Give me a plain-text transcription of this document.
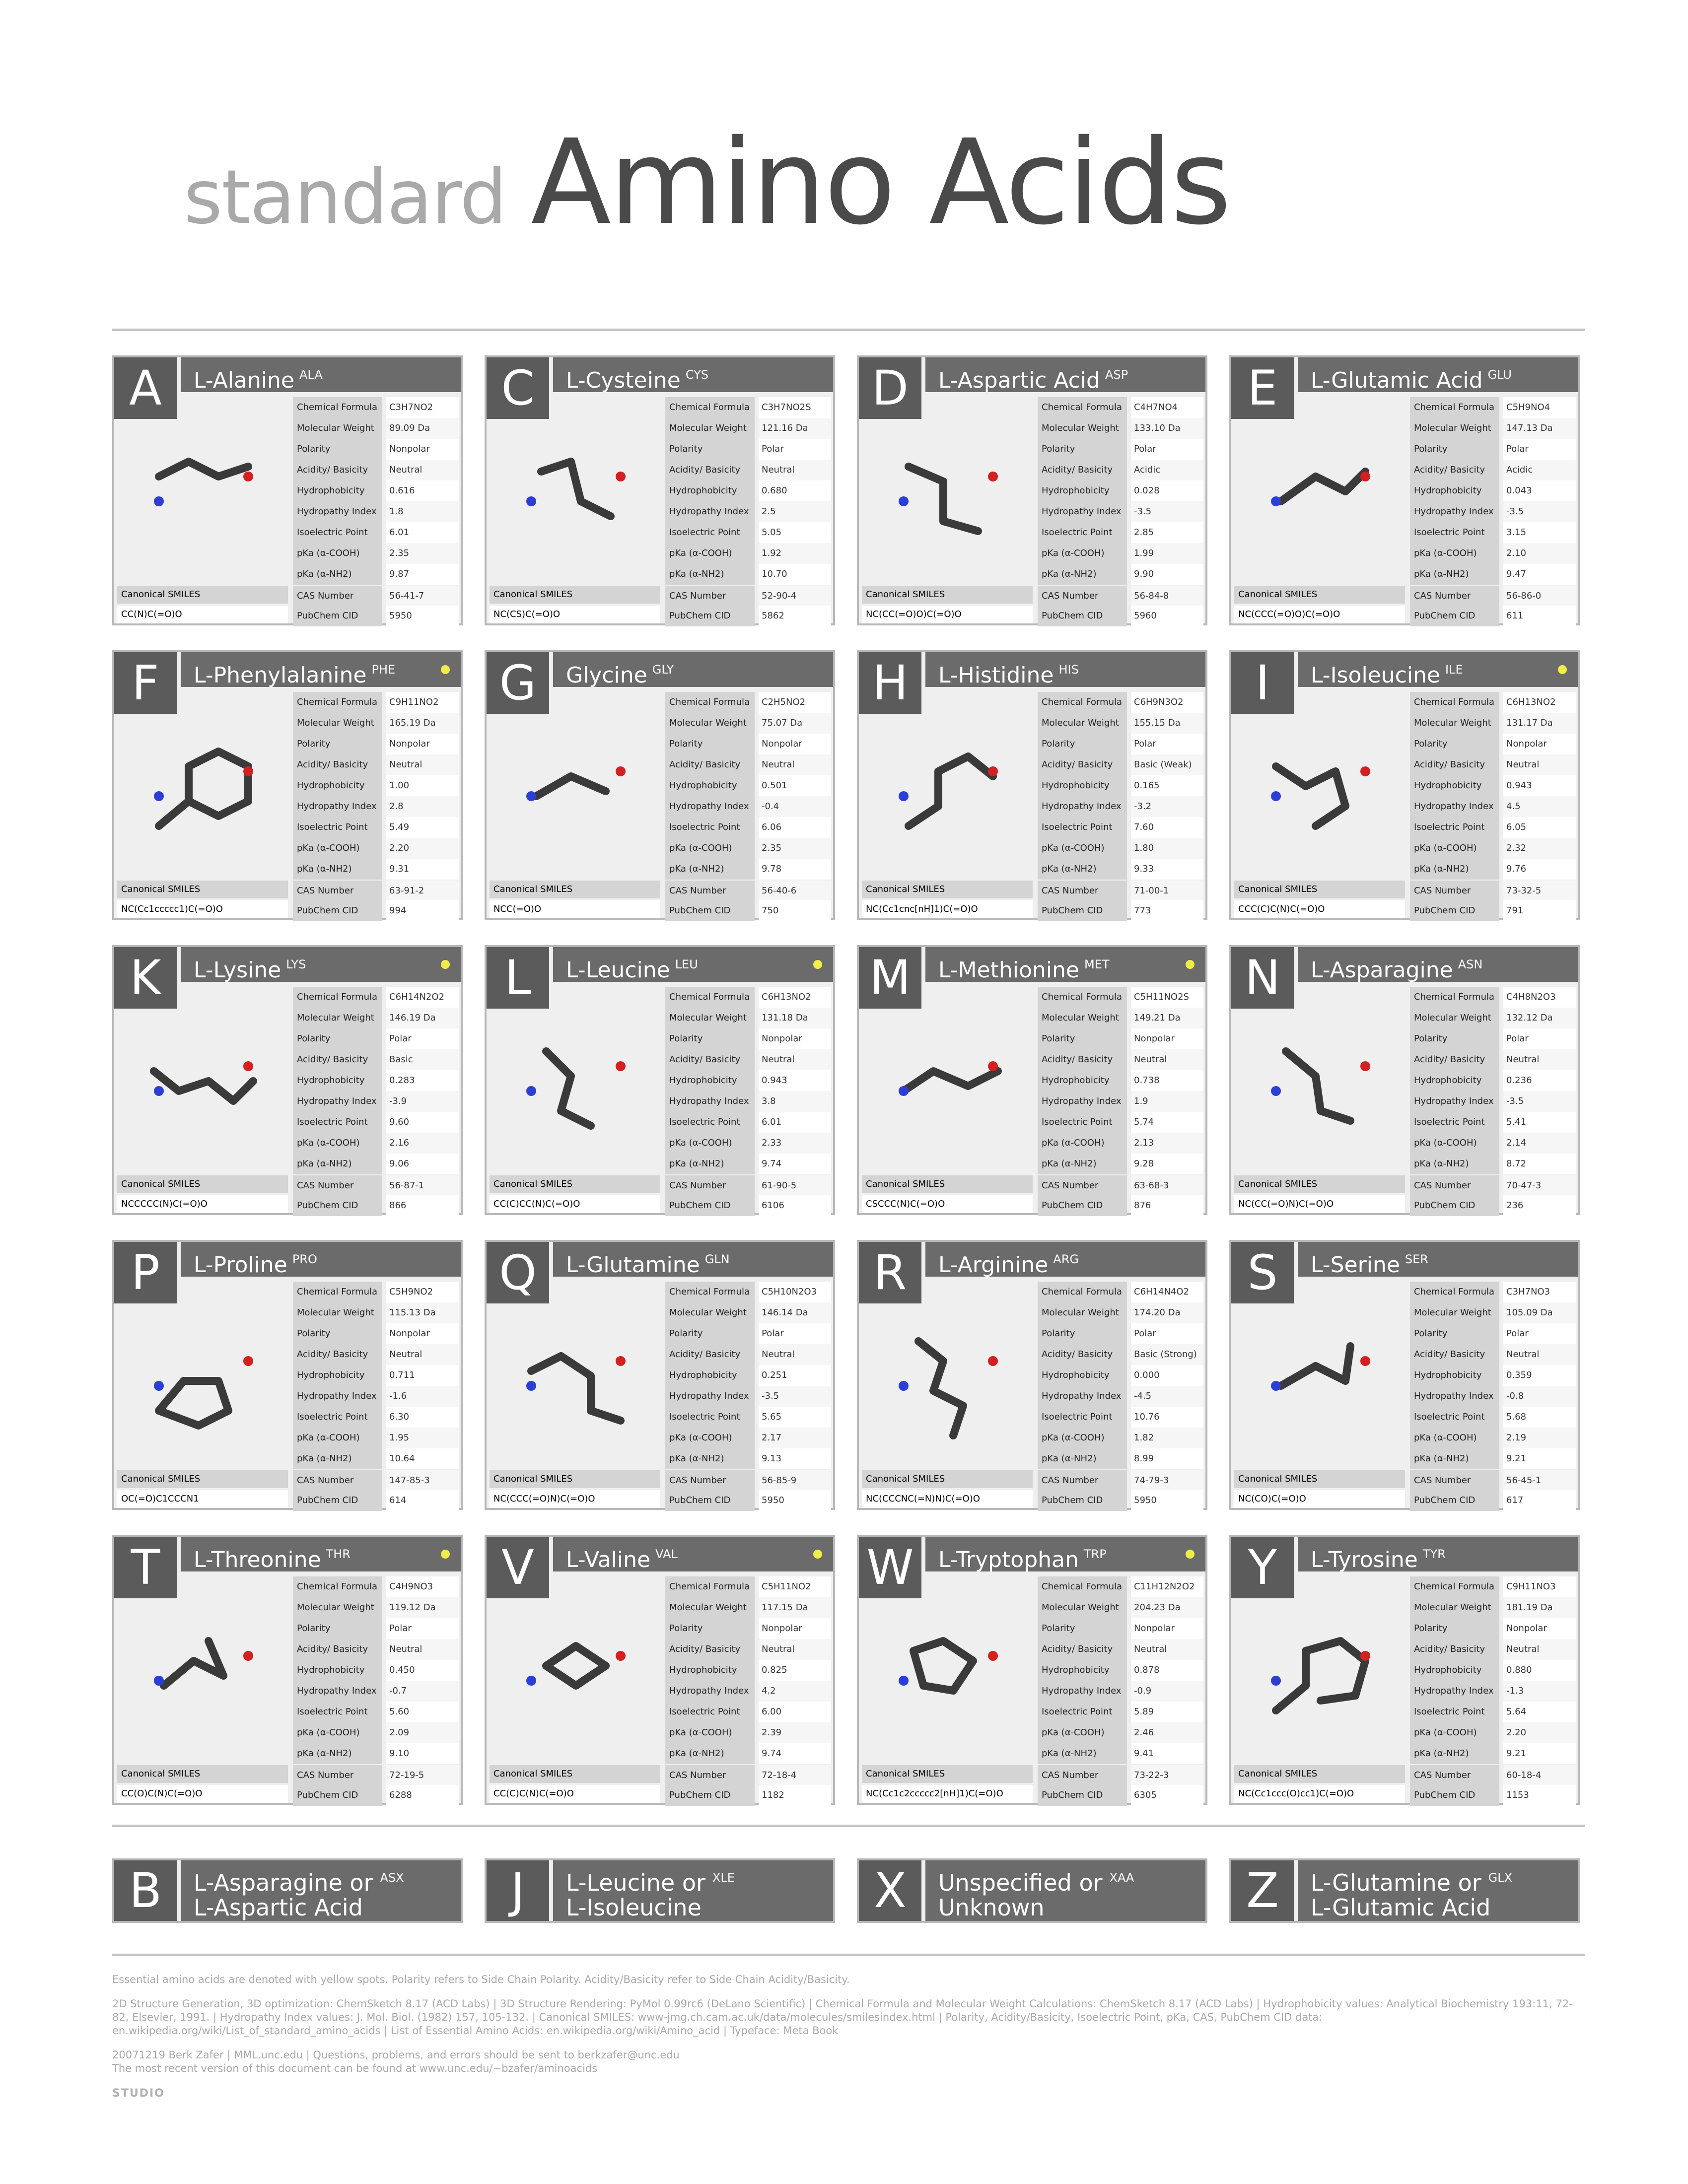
standard Amino Acids
A	L-Alanine $^{ALA}$
Chemical Formula	C3H7NO2
Molecular Weight	89.09 Da
Polarity	Nonpolar
Acidity/ Basicity	Neutral
Hydrophobicity	0.616
Hydropathy Index	1.8
Isoelectric Point	6.01
pKa (α-COOH)	2.35
pKa (α-NH2)	9.87
CAS Number	56-41-7
PubChem CID	5950
Canonical SMILES
CC(N)C(=O)O
C	L-Cysteine $^{CYS}$
Chemical Formula	C3H7NO2S
Molecular Weight	121.16 Da
Polarity	Polar
Acidity/ Basicity	Neutral
Hydrophobicity	0.680
Hydropathy Index	2.5
Isoelectric Point	5.05
pKa (α-COOH)	1.92
pKa (α-NH2)	10.70
CAS Number	52-90-4
PubChem CID	5862
Canonical SMILES
NC(CS)C(=O)O
D	L-Aspartic Acid $^{ASP}$
Chemical Formula	C4H7NO4
Molecular Weight	133.10 Da
Polarity	Polar
Acidity/ Basicity	Acidic
Hydrophobicity	0.028
Hydropathy Index	-3.5
Isoelectric Point	2.85
pKa (α-COOH)	1.99
pKa (α-NH2)	9.90
CAS Number	56-84-8
PubChem CID	5960
Canonical SMILES
NC(CC(=O)O)C(=O)O
E	L-Glutamic Acid $^{GLU}$
Chemical Formula	C5H9NO4
Molecular Weight	147.13 Da
Polarity	Polar
Acidity/ Basicity	Acidic
Hydrophobicity	0.043
Hydropathy Index	-3.5
Isoelectric Point	3.15
pKa (α-COOH)	2.10
pKa (α-NH2)	9.47
CAS Number	56-86-0
PubChem CID	611
Canonical SMILES
NC(CCC(=O)O)C(=O)O
F	L-Phenylalanine $^{PHE}$
Chemical Formula	C9H11NO2
Molecular Weight	165.19 Da
Polarity	Nonpolar
Acidity/ Basicity	Neutral
Hydrophobicity	1.00
Hydropathy Index	2.8
Isoelectric Point	5.49
pKa (α-COOH)	2.20
pKa (α-NH2)	9.31
CAS Number	63-91-2
PubChem CID	994
Canonical SMILES
NC(Cc1ccccc1)C(=O)O
G	Glycine $^{GLY}$
Chemical Formula	C2H5NO2
Molecular Weight	75.07 Da
Polarity	Nonpolar
Acidity/ Basicity	Neutral
Hydrophobicity	0.501
Hydropathy Index	-0.4
Isoelectric Point	6.06
pKa (α-COOH)	2.35
pKa (α-NH2)	9.78
CAS Number	56-40-6
PubChem CID	750
Canonical SMILES
NCC(=O)O
H	L-Histidine $^{HIS}$
Chemical Formula	C6H9N3O2
Molecular Weight	155.15 Da
Polarity	Polar
Acidity/ Basicity	Basic (Weak)
Hydrophobicity	0.165
Hydropathy Index	-3.2
Isoelectric Point	7.60
pKa (α-COOH)	1.80
pKa (α-NH2)	9.33
CAS Number	71-00-1
PubChem CID	773
Canonical SMILES
NC(Cc1cnc[nH]1)C(=O)O
I	L-Isoleucine $^{ILE}$
Chemical Formula	C6H13NO2
Molecular Weight	131.17 Da
Polarity	Nonpolar
Acidity/ Basicity	Neutral
Hydrophobicity	0.943
Hydropathy Index	4.5
Isoelectric Point	6.05
pKa (α-COOH)	2.32
pKa (α-NH2)	9.76
CAS Number	73-32-5
PubChem CID	791
Canonical SMILES
CCC(C)C(N)C(=O)O
K	L-Lysine $^{LYS}$
Chemical Formula	C6H14N2O2
Molecular Weight	146.19 Da
Polarity	Polar
Acidity/ Basicity	Basic
Hydrophobicity	0.283
Hydropathy Index	-3.9
Isoelectric Point	9.60
pKa (α-COOH)	2.16
pKa (α-NH2)	9.06
CAS Number	56-87-1
PubChem CID	866
Canonical SMILES
NCCCCC(N)C(=O)O
L	L-Leucine $^{LEU}$
Chemical Formula	C6H13NO2
Molecular Weight	131.18 Da
Polarity	Nonpolar
Acidity/ Basicity	Neutral
Hydrophobicity	0.943
Hydropathy Index	3.8
Isoelectric Point	6.01
pKa (α-COOH)	2.33
pKa (α-NH2)	9.74
CAS Number	61-90-5
PubChem CID	6106
Canonical SMILES
CC(C)CC(N)C(=O)O
M	L-Methionine $^{MET}$
Chemical Formula	C5H11NO2S
Molecular Weight	149.21 Da
Polarity	Nonpolar
Acidity/ Basicity	Neutral
Hydrophobicity	0.738
Hydropathy Index	1.9
Isoelectric Point	5.74
pKa (α-COOH)	2.13
pKa (α-NH2)	9.28
CAS Number	63-68-3
PubChem CID	876
Canonical SMILES
CSCCC(N)C(=O)O
N	L-Asparagine $^{ASN}$
Chemical Formula	C4H8N2O3
Molecular Weight	132.12 Da
Polarity	Polar
Acidity/ Basicity	Neutral
Hydrophobicity	0.236
Hydropathy Index	-3.5
Isoelectric Point	5.41
pKa (α-COOH)	2.14
pKa (α-NH2)	8.72
CAS Number	70-47-3
PubChem CID	236
Canonical SMILES
NC(CC(=O)N)C(=O)O
P	L-Proline $^{PRO}$
Chemical Formula	C5H9NO2
Molecular Weight	115.13 Da
Polarity	Nonpolar
Acidity/ Basicity	Neutral
Hydrophobicity	0.711
Hydropathy Index	-1.6
Isoelectric Point	6.30
pKa (α-COOH)	1.95
pKa (α-NH2)	10.64
CAS Number	147-85-3
PubChem CID	614
Canonical SMILES
OC(=O)C1CCCN1
Q	L-Glutamine $^{GLN}$
Chemical Formula	C5H10N2O3
Molecular Weight	146.14 Da
Polarity	Polar
Acidity/ Basicity	Neutral
Hydrophobicity	0.251
Hydropathy Index	-3.5
Isoelectric Point	5.65
pKa (α-COOH)	2.17
pKa (α-NH2)	9.13
CAS Number	56-85-9
PubChem CID	5950
Canonical SMILES
NC(CCC(=O)N)C(=O)O
R	L-Arginine $^{ARG}$
Chemical Formula	C6H14N4O2
Molecular Weight	174.20 Da
Polarity	Polar
Acidity/ Basicity	Basic (Strong)
Hydrophobicity	0.000
Hydropathy Index	-4.5
Isoelectric Point	10.76
pKa (α-COOH)	1.82
pKa (α-NH2)	8.99
CAS Number	74-79-3
PubChem CID	5950
Canonical SMILES
NC(CCCNC(=N)N)C(=O)O
S	L-Serine $^{SER}$
Chemical Formula	C3H7NO3
Molecular Weight	105.09 Da
Polarity	Polar
Acidity/ Basicity	Neutral
Hydrophobicity	0.359
Hydropathy Index	-0.8
Isoelectric Point	5.68
pKa (α-COOH)	2.19
pKa (α-NH2)	9.21
CAS Number	56-45-1
PubChem CID	617
Canonical SMILES
NC(CO)C(=O)O
T	L-Threonine $^{THR}$
Chemical Formula	C4H9NO3
Molecular Weight	119.12 Da
Polarity	Polar
Acidity/ Basicity	Neutral
Hydrophobicity	0.450
Hydropathy Index	-0.7
Isoelectric Point	5.60
pKa (α-COOH)	2.09
pKa (α-NH2)	9.10
CAS Number	72-19-5
PubChem CID	6288
Canonical SMILES
CC(O)C(N)C(=O)O
V	L-Valine $^{VAL}$
Chemical Formula	C5H11NO2
Molecular Weight	117.15 Da
Polarity	Nonpolar
Acidity/ Basicity	Neutral
Hydrophobicity	0.825
Hydropathy Index	4.2
Isoelectric Point	6.00
pKa (α-COOH)	2.39
pKa (α-NH2)	9.74
CAS Number	72-18-4
PubChem CID	1182
Canonical SMILES
CC(C)C(N)C(=O)O
W	L-Tryptophan $^{TRP}$
Chemical Formula	C11H12N2O2
Molecular Weight	204.23 Da
Polarity	Nonpolar
Acidity/ Basicity	Neutral
Hydrophobicity	0.878
Hydropathy Index	-0.9
Isoelectric Point	5.89
pKa (α-COOH)	2.46
pKa (α-NH2)	9.41
CAS Number	73-22-3
PubChem CID	6305
Canonical SMILES
NC(Cc1c2ccccc2[nH]1)C(=O)O
Y	L-Tyrosine $^{TYR}$
Chemical Formula	C9H11NO3
Molecular Weight	181.19 Da
Polarity	Nonpolar
Acidity/ Basicity	Neutral
Hydrophobicity	0.880
Hydropathy Index	-1.3
Isoelectric Point	5.64
pKa (α-COOH)	2.20
pKa (α-NH2)	9.21
CAS Number	60-18-4
PubChem CID	1153
Canonical SMILES
NC(Cc1ccc(O)cc1)C(=O)O
B	L-Asparagine or $^{ASX}$
L-Aspartic Acid	J	L-Leucine or $^{XLE}$
L-Isoleucine	X	Unspecified or $^{XAA}$
Unknown	Z	L-Glutamine or $^{GLX}$
L-Glutamic Acid

Essential amino acids are denoted with yellow spots. Polarity refers to Side Chain Polarity. Acidity/Basicity refer to Side Chain Acidity/Basicity.

2D Structure Generation, 3D optimization: ChemSketch 8.17 (ACD Labs) | 3D Structure Rendering: PyMol 0.99rc6 (DeLano Scientific) | Chemical Formula and Molecular Weight Calculations: ChemSketch 8.17 (ACD Labs) | Hydrophobicity values: Analytical Biochemistry 193:11, 72-82, Elsevier, 1991. | Hydropathy Index values: J. Mol. Biol. (1982) 157, 105-132. | Canonical SMILES: www-jmg.ch.cam.ac.uk/data/molecules/smilesindex.html | Polarity, Acidity/Basicity, Isoelectric Point, pKa, CAS, PubChem CID data: en.wikipedia.org/wiki/List_of_standard_amino_acids | List of Essential Amino Acids: en.wikipedia.org/wiki/Amino_acid | Typeface: Meta Book

20071219 Berk Zafer | MML.unc.edu | Questions, problems, and errors should be sent to berkzafer@unc.edu
The most recent version of this document can be found at www.unc.edu/~bzafer/aminoacids
STUDIO
